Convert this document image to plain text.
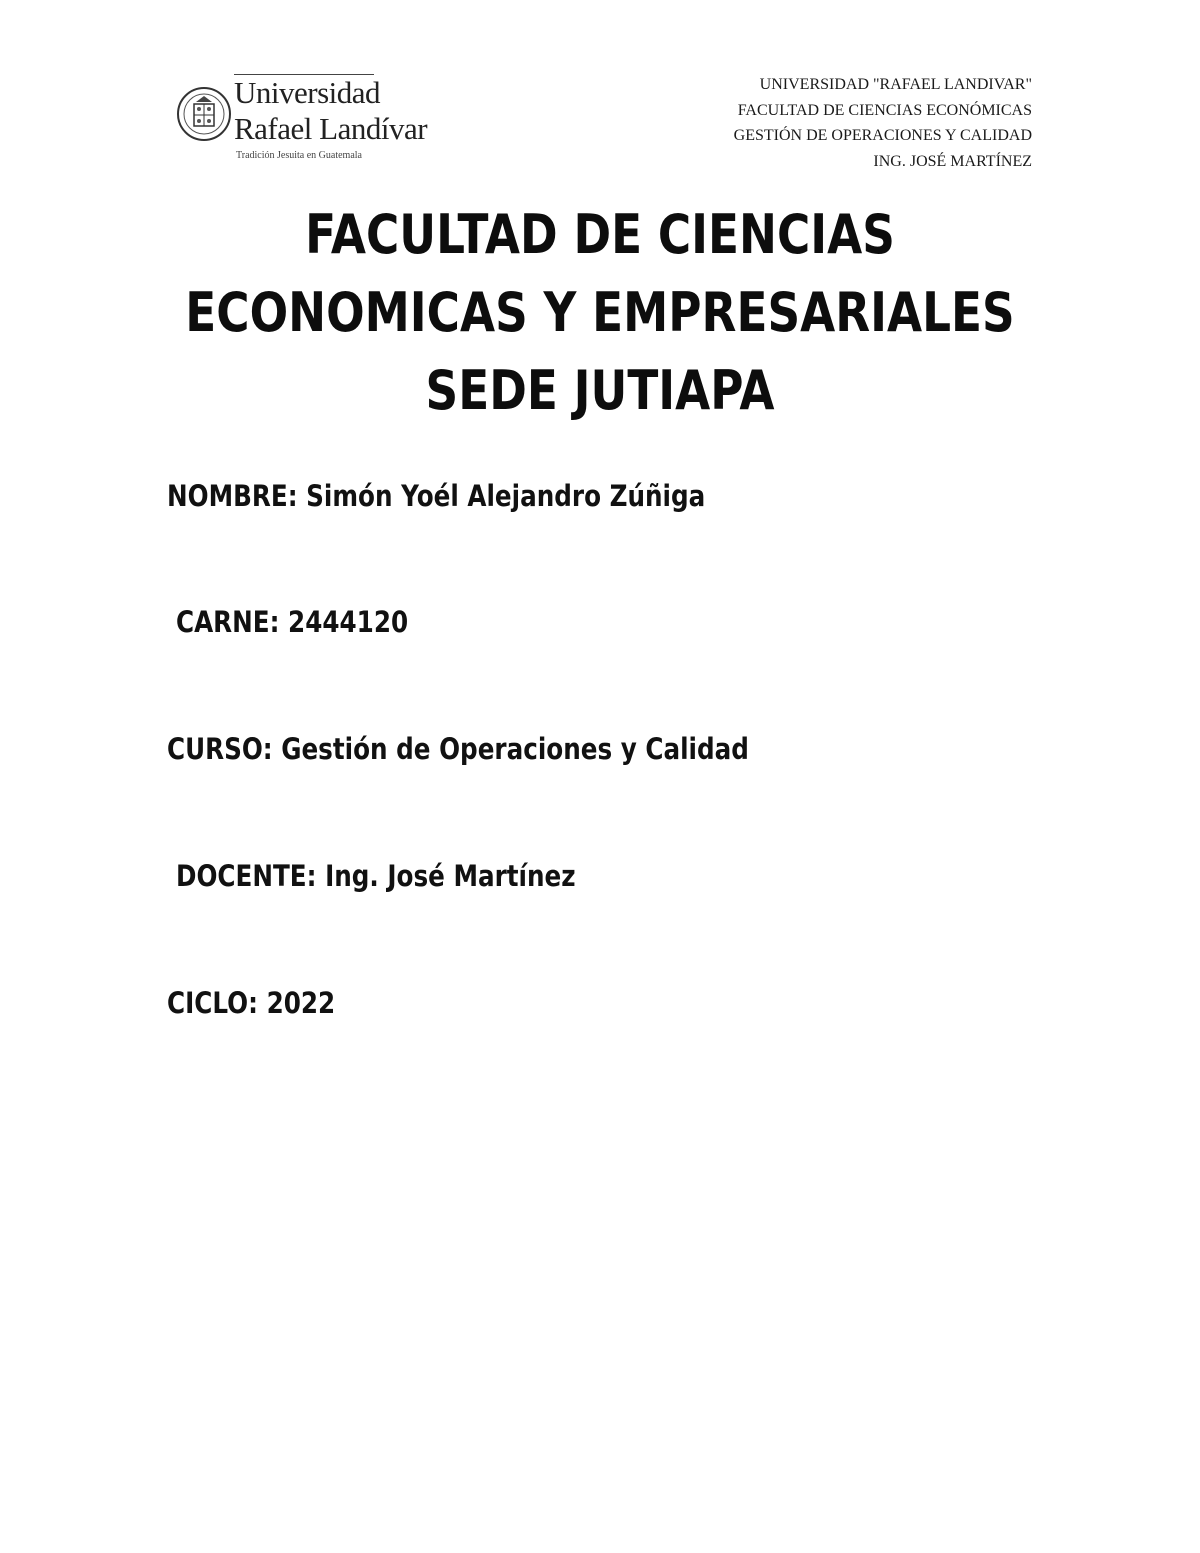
Universidad
Rafael Landívar
Tradición Jesuita en Guatemala
UNIVERSIDAD "RAFAEL LANDIVAR"
FACULTAD DE CIENCIAS ECONÓMICAS
GESTIÓN DE OPERACIONES Y CALIDAD
ING. JOSÉ MARTÍNEZ
FACULTAD DE CIENCIAS
ECONOMICAS Y EMPRESARIALES
SEDE JUTIAPA
NOMBRE: Simón Yoél Alejandro Zúñiga
CARNE: 2444120
CURSO: Gestión de Operaciones y Calidad
DOCENTE: Ing. José Martínez
CICLO: 2022
